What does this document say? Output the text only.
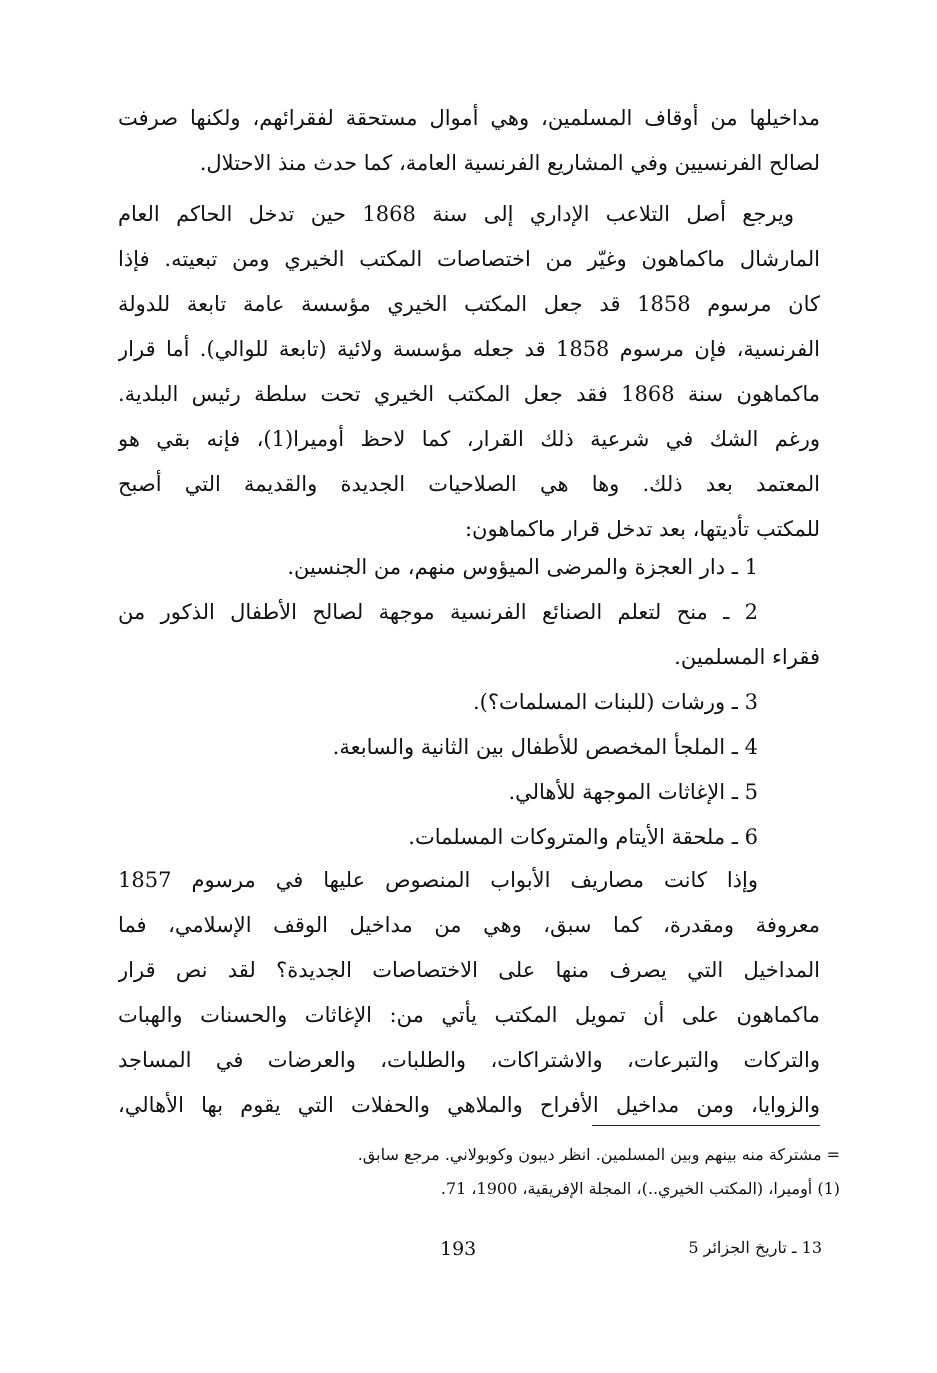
مداخيلها من أوقاف المسلمين، وهي أموال مستحقة لفقرائهم، ولكنها صرفت
لصالح الفرنسيين وفي المشاريع الفرنسية العامة، كما حدث منذ الاحتلال.
ويرجع أصل التلاعب الإداري إلى سنة 1868 حين تدخل الحاكم العام
المارشال ماكماهون وغيّر من اختصاصات المكتب الخيري ومن تبعيته. فإذا
كان مرسوم 1858 قد جعل المكتب الخيري مؤسسة عامة تابعة للدولة
الفرنسية، فإن مرسوم 1858 قد جعله مؤسسة ولائية (تابعة للوالي). أما قرار
ماكماهون سنة 1868 فقد جعل المكتب الخيري تحت سلطة رئيس البلدية.
ورغم الشك في شرعية ذلك القرار، كما لاحظ أوميرا(1)، فإنه بقي هو
المعتمد بعد ذلك. وها هي الصلاحيات الجديدة والقديمة التي أصبح
للمكتب تأديتها، بعد تدخل قرار ماكماهون:
1 ـ دار العجزة والمرضى الميؤوس منهم، من الجنسين.
2 ـ منح لتعلم الصنائع الفرنسية موجهة لصالح الأطفال الذكور من
فقراء المسلمين.
3 ـ ورشات (للبنات المسلمات؟).
4 ـ الملجأ المخصص للأطفال بين الثانية والسابعة.
5 ـ الإغاثات الموجهة للأهالي.
6 ـ ملحقة الأيتام والمتروكات المسلمات.
وإذا كانت مصاريف الأبواب المنصوص عليها في مرسوم 1857
معروفة ومقدرة، كما سبق، وهي من مداخيل الوقف الإسلامي، فما
المداخيل التي يصرف منها على الاختصاصات الجديدة؟ لقد نص قرار
ماكماهون على أن تمويل المكتب يأتي من: الإغاثات والحسنات والهبات
والتركات والتبرعات، والاشتراكات، والطلبات، والعرضات في المساجد
والزوايا، ومن مداخيل الأفراح والملاهي والحفلات التي يقوم بها الأهالي،
= مشتركة منه بينهم وبين المسلمين. انظر ديبون وكوبولاني. مرجع سابق.
(1) أوميرا، (المكتب الخيري..)، المجلة الإفريقية، 1900، 71.
193	13 ـ تاريخ الجزائر 5
